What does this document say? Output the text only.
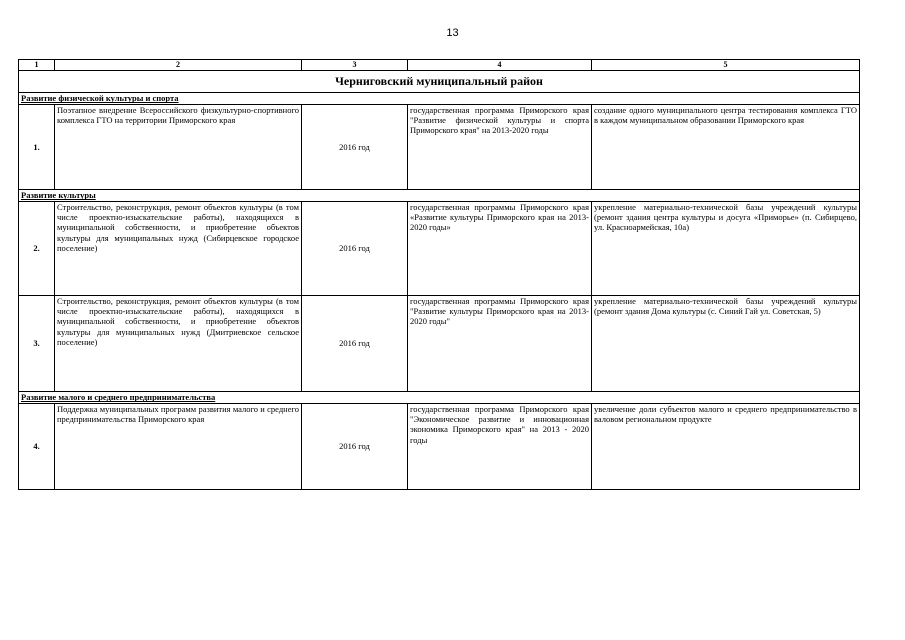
13
1	2	3	4	5
Черниговский муниципальный район				
Развитие физической культуры и спорта				
1.	Поэтапное внедрение Всероссийского физкультурно-спортивного комплекса ГТО на территории Приморского края	2016 год	государственная программа Приморского края "Развитие физической культуры и спорта Приморского края" на 2013-2020 годы	создание одного муниципального центра тестирования комплекса ГТО в каждом муниципальном образовании Приморского края
Развитие культуры				
2.	Строительство, реконструкция, ремонт объектов культуры (в том числе проектно-изыскательские работы), находящихся в муниципальной собственности, и приобретение объектов культуры для муниципальных нужд (Сибирцевское городское поселение)	2016 год	государственная программы Приморского края «Развитие культуры Приморского края на 2013-2020 годы»	укрепление материально-технической базы учреждений культуры (ремонт здания центра культуры и досуга «Приморье» (п. Сибирцево, ул. Красноармейская, 10а)
3.	Строительство, реконструкция, ремонт объектов культуры (в том числе проектно-изыскательские работы), находящихся в муниципальной собственности, и приобретение объектов культуры для муниципальных нужд (Дмитриевское сельское поселение)	2016 год	государственная программы Приморского края "Развитие культуры Приморского края на 2013-2020 годы"	укрепление материально-технической базы учреждений культуры (ремонт здания Дома культуры (с. Синий Гай ул. Советская, 5)
Развитие малого и среднего предпринимательства				
4.	Поддержка муниципальных программ развития малого и среднего предпринимательства Приморского края	2016 год	государственная программа Приморского края "Экономическое развитие и инновационная экономика Приморского края" на 2013 - 2020 годы	увеличение доли субъектов малого и среднего предпринимательство в валовом региональном продукте
